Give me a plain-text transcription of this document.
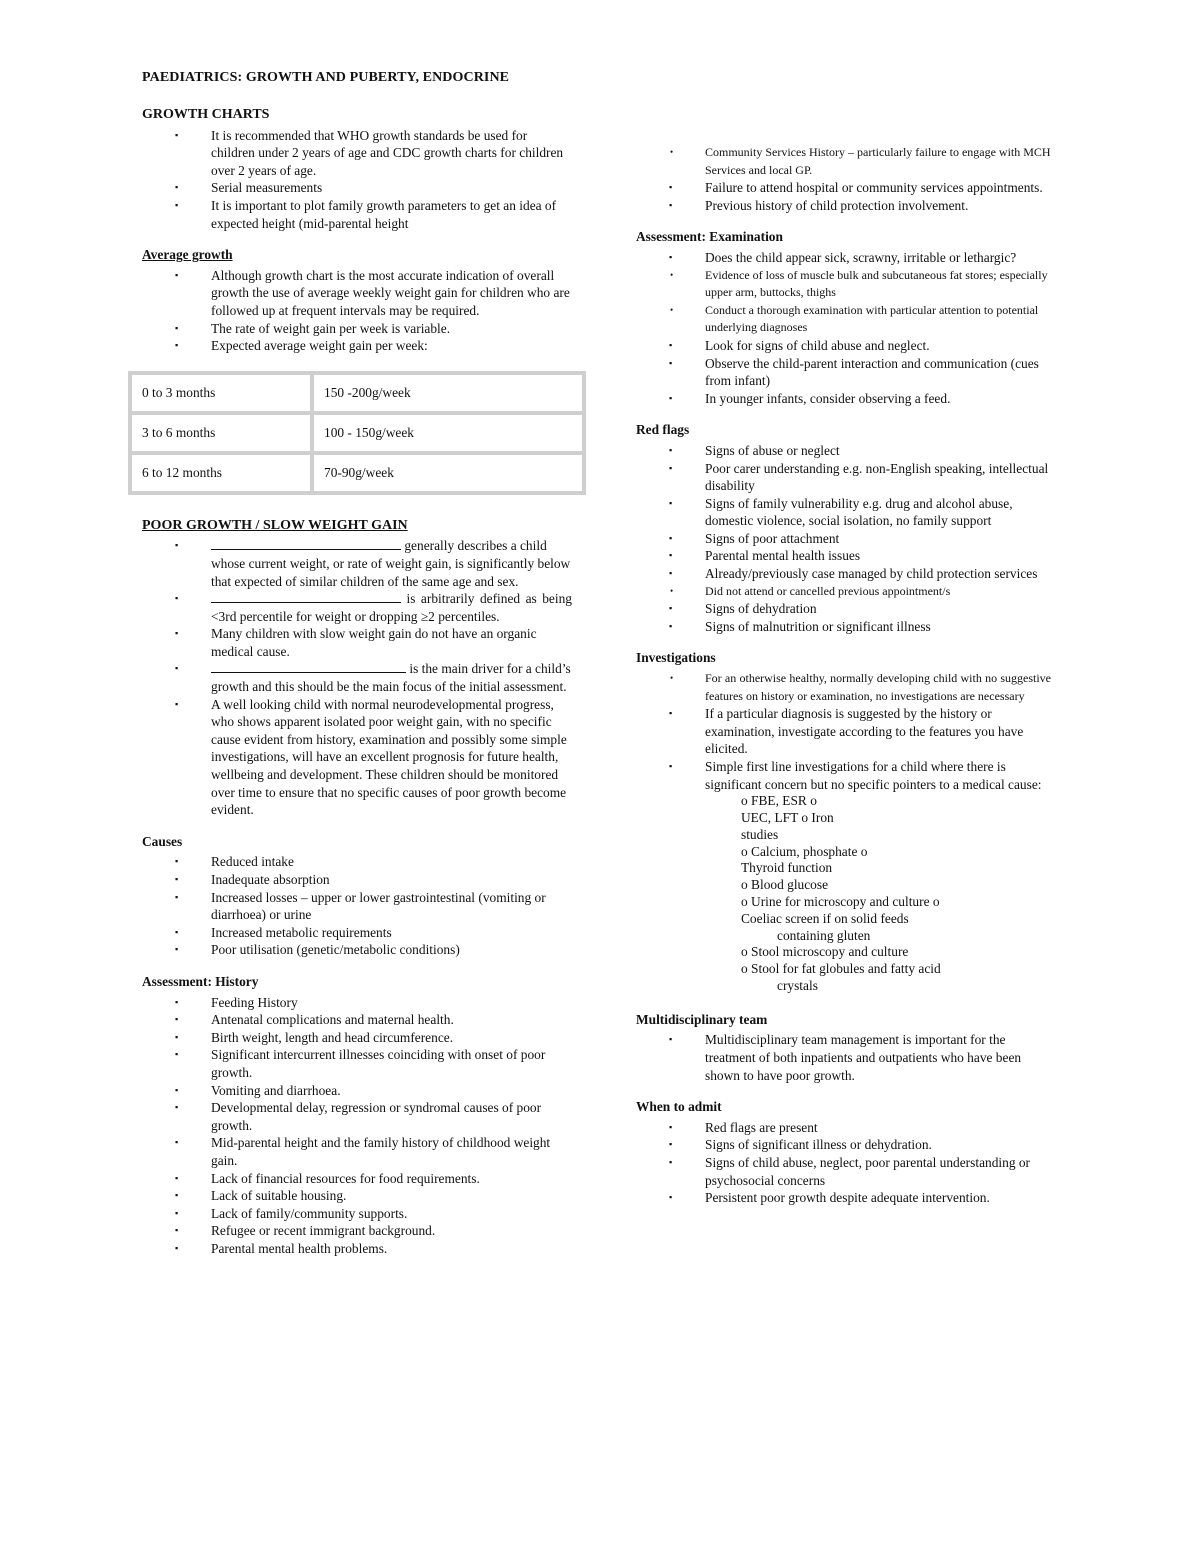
PAEDIATRICS: GROWTH AND PUBERTY, ENDOCRINE

GROWTH CHARTS

▪ It is recommended that WHO growth standards be used for children under 2 years of age and CDC growth charts for children over 2 years of age.
▪ Serial measurements
▪ It is important to plot family growth parameters to get an idea of expected height (mid-parental height

Average growth

▪ Although growth chart is the most accurate indication of overall growth the use of average weekly weight gain for children who are followed up at frequent intervals may be required.
▪ The rate of weight gain per week is variable.
▪ Expected average weight gain per week:
0 to 3 months	150 -200g/week
3 to 6 months	100 - 150g/week
6 to 12 months	70-90g/week

POOR GROWTH / SLOW WEIGHT GAIN

▪ generally describes a child whose current weight, or rate of weight gain, is significantly below that expected of similar children of the same age and sex.
▪ is arbitrarily defined as being <3rd percentile for weight or dropping ≥2 percentiles.
▪ Many children with slow weight gain do not have an organic medical cause.
▪ is the main driver for a child’s growth and this should be the main focus of the initial assessment.
▪ A well looking child with normal neurodevelopmental progress, who shows apparent isolated poor weight gain, with no specific cause evident from history, examination and possibly some simple investigations, will have an excellent prognosis for future health, wellbeing and development. These children should be monitored over time to ensure that no specific causes of poor growth become evident.

Causes

▪ Reduced intake
▪ Inadequate absorption
▪ Increased losses – upper or lower gastrointestinal (vomiting or diarrhoea) or urine
▪ Increased metabolic requirements
▪ Poor utilisation (genetic/metabolic conditions)

Assessment: History

▪ Feeding History
▪ Antenatal complications and maternal health.
▪ Birth weight, length and head circumference.
▪ Significant intercurrent illnesses coinciding with onset of poor growth.
▪ Vomiting and diarrhoea.
▪ Developmental delay, regression or syndromal causes of poor growth.
▪ Mid-parental height and the family history of childhood weight gain.
▪ Lack of financial resources for food requirements.
▪ Lack of suitable housing.
▪ Lack of family/community supports.
▪ Refugee or recent immigrant background.
▪ Parental mental health problems.
• Community Services History – particularly failure to engage with MCH Services and local GP.
▪ Failure to attend hospital or community services appointments.
▪ Previous history of child protection involvement.

Assessment: Examination

▪ Does the child appear sick, scrawny, irritable or lethargic?
• Evidence of loss of muscle bulk and subcutaneous fat stores; especially upper arm, buttocks, thighs
• Conduct a thorough examination with particular attention to potential underlying diagnoses
▪ Look for signs of child abuse and neglect.
▪ Observe the child-parent interaction and communication (cues from infant)
▪ In younger infants, consider observing a feed.

Red flags

▪ Signs of abuse or neglect
▪ Poor carer understanding e.g. non-English speaking, intellectual disability
▪ Signs of family vulnerability e.g. drug and alcohol abuse, domestic violence, social isolation, no family support
▪ Signs of poor attachment
▪ Parental mental health issues
▪ Already/previously case managed by child protection services
• Did not attend or cancelled previous appointment/s
▪ Signs of dehydration
▪ Signs of malnutrition or significant illness

Investigations

• For an otherwise healthy, normally developing child with no suggestive features on history or examination, no investigations are necessary
▪ If a particular diagnosis is suggested by the history or examination, investigate according to the features you have elicited.
▪ Simple first line investigations for a child where there is significant concern but no specific pointers to a medical cause:
o FBE, ESR o
UEC, LFT o Iron
studies
o Calcium, phosphate o
Thyroid function
o Blood glucose
o Urine for microscopy and culture o
Coeliac screen if on solid feeds
containing gluten
o Stool microscopy and culture
o Stool for fat globules and fatty acid
crystals

Multidisciplinary team

▪ Multidisciplinary team management is important for the treatment of both inpatients and outpatients who have been shown to have poor growth.

When to admit

▪ Red flags are present
▪ Signs of significant illness or dehydration.
▪ Signs of child abuse, neglect, poor parental understanding or psychosocial concerns
▪ Persistent poor growth despite adequate intervention.
